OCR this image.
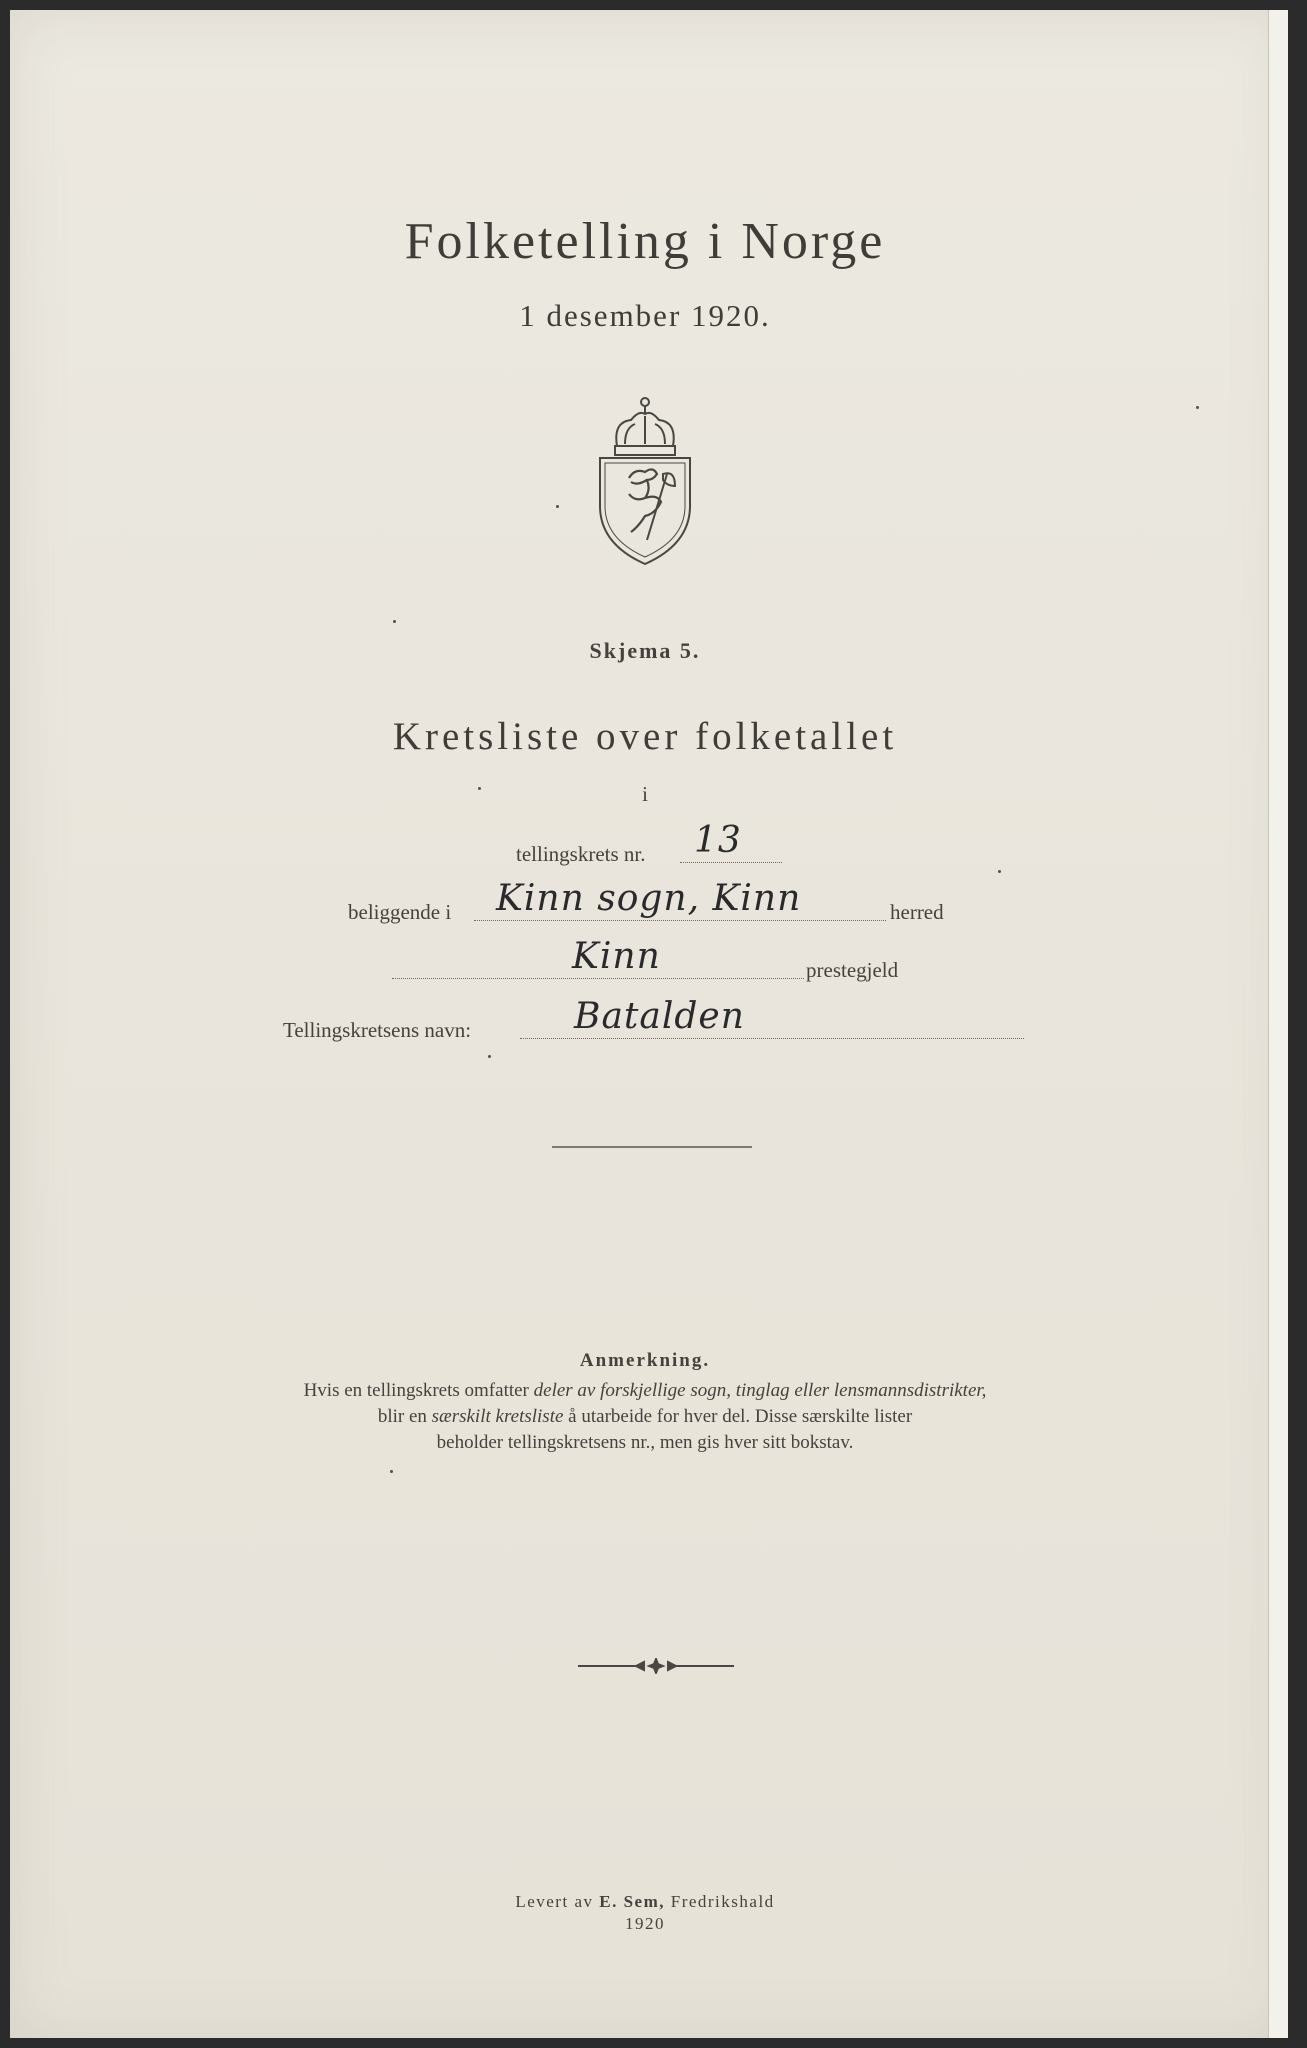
Folketelling i Norge
1 desember 1920.
Skjema 5.
Kretsliste over folketallet
i
tellingskrets nr. 13
beliggende i Kinn sogn, Kinn	herred
Kinn	prestegjeld
Tellingskretsens navn:	Batalden
Anmerkning.
Hvis en tellingskrets omfatter deler av forskjellige sogn, tinglag eller lensmannsdistrikter,
blir en særskilt kretsliste å utarbeide for hver del. Disse særskilte lister
beholder tellingskretsens nr., men gis hver sitt bokstav.
Levert av E. Sem, Fredrikshald
1920
